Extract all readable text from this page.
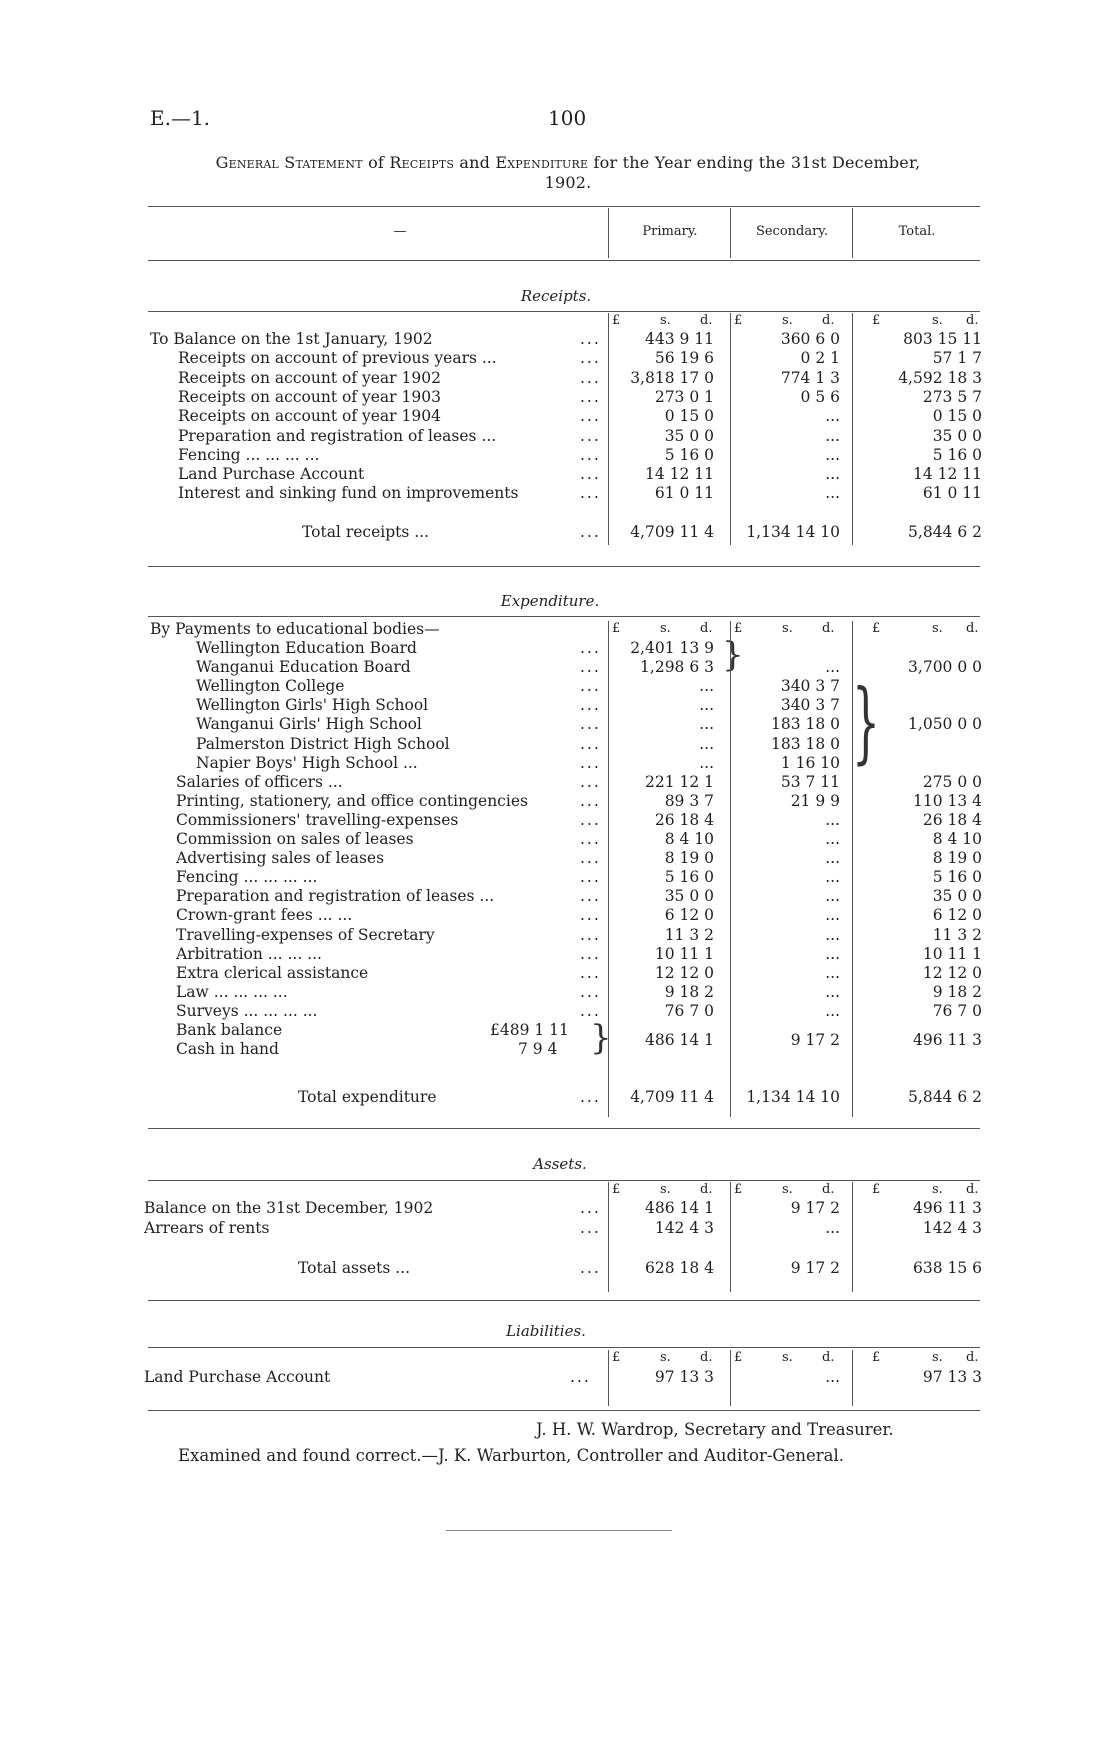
E.—1.	100
General Statement of Receipts and Expenditure for the Year ending the 31st December,
1902.
—	Primary.	Secondary.	Total.
Receipts.
£	s. d. £	s. d.	£	s. d.
To Balance on the 1st January, 1902	...	443 9 11	360 6 0	803 15 11
Receipts on account of previous years ...	...	56 19 6	0 2 1	57 1 7
Receipts on account of year 1902	...	3,818 17 0	774 1 3	4,592 18 3
Receipts on account of year 1903	...	273 0 1	0 5 6	273 5 7
Receipts on account of year 1904	...	0 15 0	...	0 15 0
Preparation and registration of leases ...	...	35 0 0	...	35 0 0
Fencing ... ... ... ...	...	5 16 0	...	5 16 0
Land Purchase Account	...	14 12 11	...	14 12 11
Interest and sinking fund on improvements	...	61 0 11	...	61 0 11
Total receipts ...	...	4,709 11 4	1,134 14 10	5,844 6 2
Expenditure.
By Payments to educational bodies—	£	s. d. £	s. d.	£	s. d.
Wellington Education Board	...	2,401 13 9
Wanganui Education Board	...	1,298 6 3	...	3,700 0 0
Wellington College	...	...	340 3 7
Wellington Girls' High School	...	...	340 3 7
Wanganui Girls' High School	...	...	183 18 0	1,050 0 0
Palmerston District High School	...	...	183 18 0
Napier Boys' High School ...	...	...	1 16 10
Salaries of officers ...	...	221 12 1	53 7 11	275 0 0
Printing, stationery, and office contingencies	...	89 3 7	21 9 9	110 13 4
Commissioners' travelling-expenses	...	26 18 4	...	26 18 4
Commission on sales of leases	...	8 4 10	...	8 4 10
Advertising sales of leases	...	8 19 0	...	8 19 0
Fencing ... ... ... ...	...	5 16 0	...	5 16 0
Preparation and registration of leases ...	...	35 0 0	...	35 0 0
Crown-grant fees ... ...	...	6 12 0	...	6 12 0
Travelling-expenses of Secretary	...	11 3 2	...	11 3 2
Arbitration ... ... ...	...	10 11 1	...	10 11 1
Extra clerical assistance	...	12 12 0	...	12 12 0
Law ... ... ... ...	...	9 18 2	...	9 18 2
Surveys ... ... ... ...	...	76 7 0	...	76 7 0
}
}
Bank balance	£489 1 11
Cash in hand	7 9 4 }	486 14 1	9 17 2	496 11 3
Total expenditure	...	4,709 11 4	1,134 14 10	5,844 6 2
Assets.
£	s. d. £	s. d.	£	s. d.
Balance on the 31st December, 1902	...	486 14 1	9 17 2	496 11 3
Arrears of rents	...	142 4 3	...	142 4 3
Total assets ...	...	628 18 4	9 17 2	638 15 6
Liabilities.
£	s. d. £	s. d.	£	s. d.
Land Purchase Account	...	97 13 3	...	97 13 3
J. H. W. Wardrop, Secretary and Treasurer.
Examined and found correct.—J. K. Warburton, Controller and Auditor-General.
